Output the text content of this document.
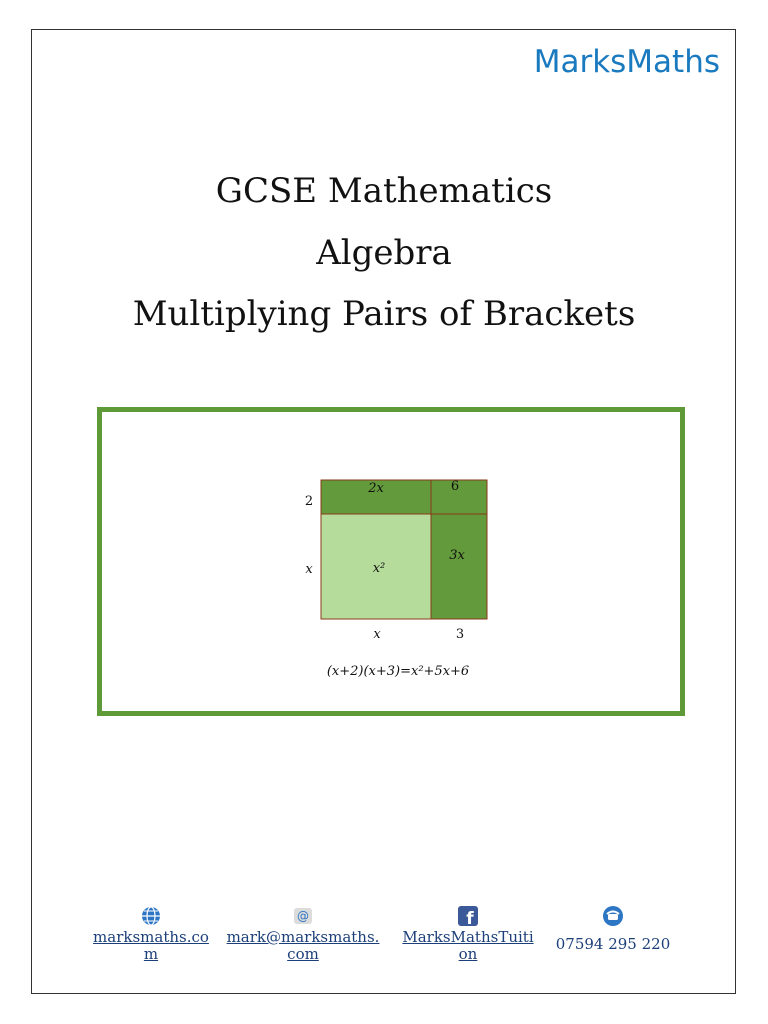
MarksMaths
GCSE Mathematics
Algebra
Multiplying Pairs of Brackets
2x	6
x²
3x
2
x
x	3
(x+2)(x+3)=x²+5x+6
marksmaths.com
@
mark@marksmaths.com
f
MarksMathsTuition
07594 295 220
